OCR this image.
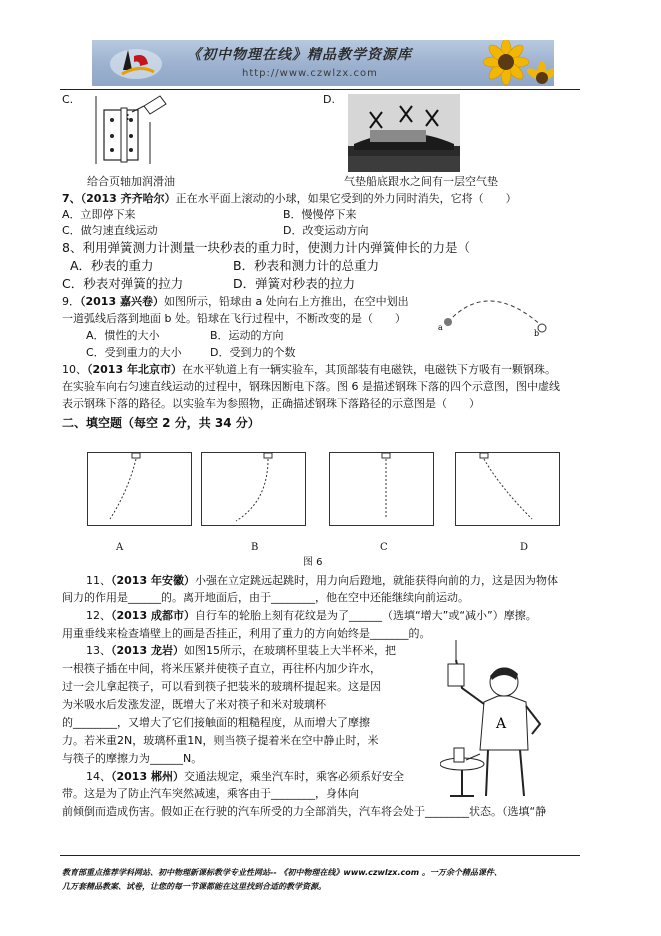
《初中物理在线》精品教学资源库
http://www.czwlzx.com
C.
给合页轴加润滑油
D.
气垫船底跟水之间有一层空气垫
7、（2013 齐齐哈尔）正在水平面上滚动的小球，如果它受到的外力同时消失，它将（　　）
A．立即停下来	B．慢慢停下来
C．做匀速直线运动	D．改变运动方向
8、利用弹簧测力计测量一块秒表的重力时，使测力计内弹簧伸长的力是（
A．秒表的重力	B．秒表和测力计的总重力
C．秒表对弹簧的拉力	D．弹簧对秒表的拉力
9．（2013 嘉兴卷）如图所示，铅球由 a 处向右上方推出，在空中划出
一道弧线后落到地面 b 处。铅球在飞行过程中，不断改变的是（　　）
A．惯性的大小	B．运动的方向
C．受到重力的大小	D．受到力的个数
a
b
10、（2013 年北京市）在水平轨道上有一辆实验车，其顶部装有电磁铁，电磁铁下方吸有一颗钢珠。
在实验车向右匀速直线运动的过程中，钢珠因断电下落。图 6 是描述钢珠下落的四个示意图，图中虚线
表示钢珠下落的路径。以实验车为参照物，正确描述钢珠下落路径的示意图是（　　）
二、填空题（每空 2 分，共 34 分）
A	B	C	D
图 6
11、（2013 年安徽）小强在立定跳远起跳时，用力向后蹬地，就能获得向前的力，这是因为物体
间力的作用是______的。离开地面后，由于________，他在空中还能继续向前运动。
12、（2013 成都市）自行车的轮胎上刻有花纹是为了______（选填“增大”或“减小”）摩擦。
用重垂线来检查墙壁上的画是否挂正，利用了重力的方向始终是_______的。
13、（2013 龙岩）如图15所示，在玻璃杯里装上大半杯米，把
一根筷子插在中间，将米压紧并使筷子直立，再往杯内加少许水，
过一会儿拿起筷子，可以看到筷子把装米的玻璃杯提起来。这是因
为米吸水后发涨发涩，既增大了米对筷子和米对玻璃杯
的________，又增大了它们接触面的粗糙程度，从而增大了摩擦
力。若米重2N，玻璃杯重1N，则当筷子提着米在空中静止时，米
与筷子的摩擦力为______N。
A
14、（2013 郴州）交通法规定，乘坐汽车时，乘客必须系好安全
带。这是为了防止汽车突然减速，乘客由于________，身体向
前倾倒而造成伤害。假如正在行驶的汽车所受的力全部消失，汽车将会处于________状态。（选填“静
教育部重点推荐学科网站、初中物理新课标教学专业性网站-- 《初中物理在线》www.czwlzx.com 。一万余个精品课件、
几万套精品教案、试卷，让您的每一节课都能在这里找到合适的教学资源。
